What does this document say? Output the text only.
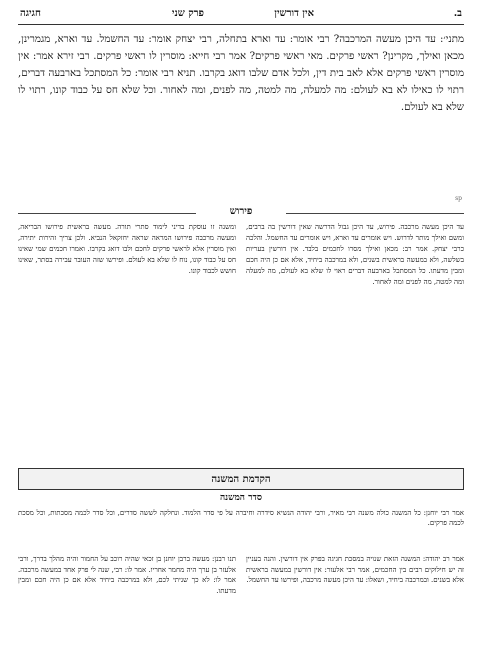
ב.
אין דורשין
פרק שני
חגיגה

מתני׳: עד היכן מעשה המרכבה? רבי אומר: עד וארא בתחלה, רבי יצחק אומר: עד החשמל. עד וארא, מגמרינן, מכאן ואילך, מקרינן? ראשי פרקים. מאי ראשי פרקים? אמר רבי חייא: מוסרין לו ראשי פרקים. רבי זירא אמר: אין מוסרין ראשי פרקים אלא לאב בית דין, ולכל אדם שלבו דואג בקרבו. תניא רבי אומר: כל המסתכל בארבעה דברים, רתוי לו כאילו לא בא לעולם: מה למעלה, מה למטה, מה לפנים, ומה לאחור. וכל שלא חס על כבוד קונו, רתוי לו שלא בא לעולם.

sp
פירוש
עד היכן מעשה מרכבה. פירוש, עד היכן גבול הדרשה שאין דורשין בה ברבים, ומשם ואילך מותר לדרוש. ויש אומרים עד וארא, ויש אומרים עד החשמל. והלכה כרבי יצחק. אמר רב: מכאן ואילך מסרו לחכמים בלבד. אין דורשין בעריות בשלשה, ולא במעשה בראשית בשנים, ולא במרכבה ביחיד, אלא אם כן היה חכם ומבין מדעתו. כל המסתכל בארבעה דברים ראוי לו שלא בא לעולם, מה למעלה ומה למטה, מה לפנים ומה לאחור.
ומשנה זו עוסקת בדיני לימוד סתרי תורה. מעשה בראשית פירושו הבריאה, ומעשה מרכבה פירושו המראה שראה יחזקאל הנביא. ולכן צריך זהירות יתירה, ואין מוסרין אלא לראשי פרקים לחכם ולבו דואג בקרבו. ואמרו חכמים שמי שאינו חס על כבוד קונו, נוח לו שלא בא לעולם. ופירשו שזה העובר עבירה בסתר, שאינו חושש לכבוד קונו.
הקדמת המשנה
סדר המשנה
אמר רבי יוחנן: כל המשנה כולה משנה רבי מאיר, ורבי יהודה הנשיא סידרה וחיברה על פי סדר הלמוד. ונחלקה לששה סדרים, וכל סדר לכמה מסכתות, וכל מסכת לכמה פרקים.
אמר רב יהודה: המשנה הזאת שנויה במסכת חגיגה בפרק אין דורשין. והנה בעניין זה יש חילוקים רבים בין החכמים, אמר רבי אלעזר: אין דורשין במעשה בראשית אלא בשנים. ובמרכבה ביחיד, ושאלו: עד היכן מעשה מרכבה, ופירשו עד החשמל.
תנו רבנן: מעשה ברבן יוחנן בן זכאי שהיה רוכב על החמור והיה מהלך בדרך, ורבי אלעזר בן ערך היה מחמר אחריו. אמר לו: רבי, שנה לי פרק אחד במעשה מרכבה. אמר לו: לא כך שניתי לכם, ולא במרכבה ביחיד אלא אם כן היה חכם ומבין מדעתו.
